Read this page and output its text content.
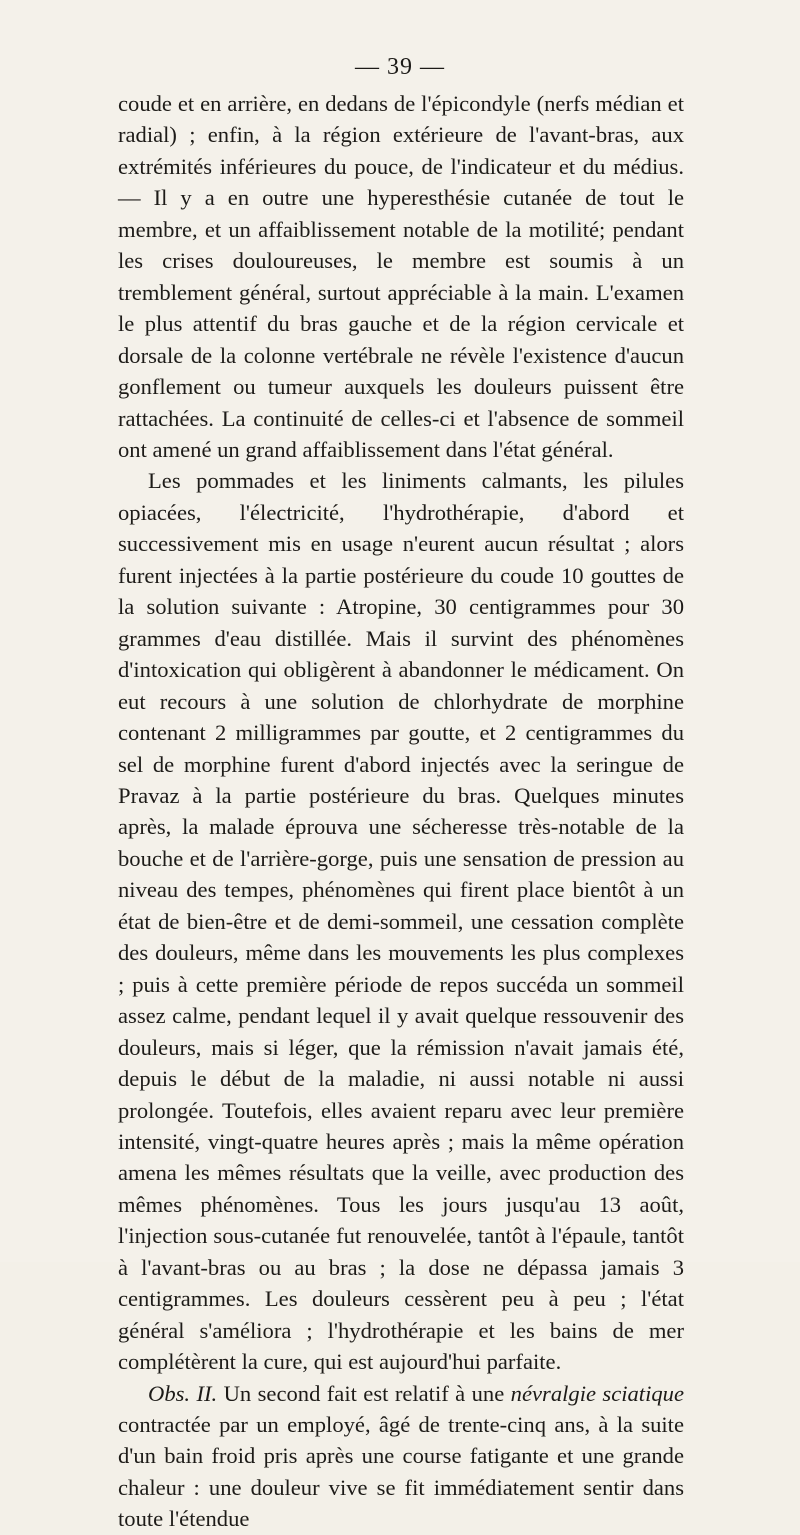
— 39 —

coude et en arrière, en dedans de l'épicondyle (nerfs médian et radial) ; enfin, à la région extérieure de l'avant-bras, aux extrémités inférieures du pouce, de l'indicateur et du médius. — Il y a en outre une hyperesthésie cutanée de tout le membre, et un affaiblissement notable de la motilité; pendant les crises douloureuses, le membre est soumis à un tremblement général, surtout appréciable à la main. L'examen le plus attentif du bras gauche et de la région cervicale et dorsale de la colonne vertébrale ne révèle l'existence d'aucun gonflement ou tumeur auxquels les douleurs puissent être rattachées. La continuité de celles-ci et l'absence de sommeil ont amené un grand affaiblissement dans l'état général.

Les pommades et les liniments calmants, les pilules opiacées, l'électricité, l'hydrothérapie, d'abord et successivement mis en usage n'eurent aucun résultat ; alors furent injectées à la partie postérieure du coude 10 gouttes de la solution suivante : Atropine, 30 centigrammes pour 30 grammes d'eau distillée. Mais il survint des phénomènes d'intoxication qui obligèrent à abandonner le médicament. On eut recours à une solution de chlorhydrate de morphine contenant 2 milligrammes par goutte, et 2 centigrammes du sel de morphine furent d'abord injectés avec la seringue de Pravaz à la partie postérieure du bras. Quelques minutes après, la malade éprouva une sécheresse très-notable de la bouche et de l'arrière-gorge, puis une sensation de pression au niveau des tempes, phénomènes qui firent place bientôt à un état de bien-être et de demi-sommeil, une cessation complète des douleurs, même dans les mouvements les plus complexes ; puis à cette première période de repos succéda un sommeil assez calme, pendant lequel il y avait quelque ressouvenir des douleurs, mais si léger, que la rémission n'avait jamais été, depuis le début de la maladie, ni aussi notable ni aussi prolongée. Toutefois, elles avaient reparu avec leur première intensité, vingt-quatre heures après ; mais la même opération amena les mêmes résultats que la veille, avec production des mêmes phénomènes. Tous les jours jusqu'au 13 août, l'injection sous-cutanée fut renouvelée, tantôt à l'épaule, tantôt à l'avant-bras ou au bras ; la dose ne dépassa jamais 3 centigrammes. Les douleurs cessèrent peu à peu ; l'état général s'améliora ; l'hydrothérapie et les bains de mer complétèrent la cure, qui est aujourd'hui parfaite.

Obs. II. Un second fait est relatif à une névralgie sciatique contractée par un employé, âgé de trente-cinq ans, à la suite d'un bain froid pris après une course fatigante et une grande chaleur : une douleur vive se fit immédiatement sentir dans toute l'étendue
